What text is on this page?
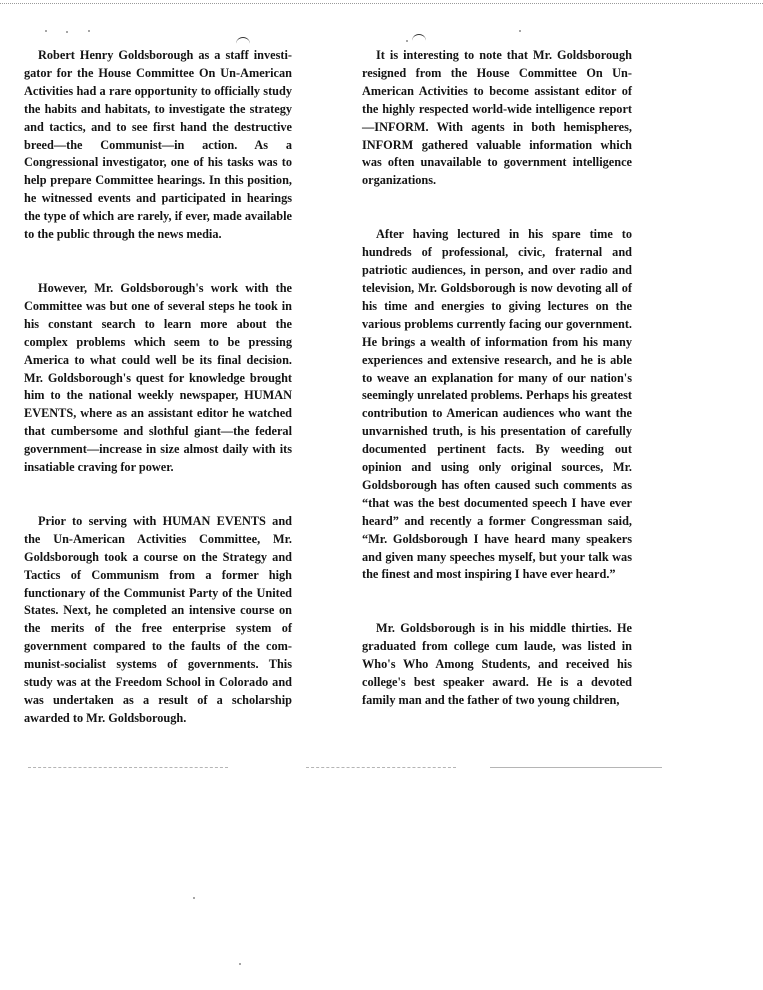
Robert Henry Goldsborough as a staff investigator for the House Committee On Un-American Activities had a rare opportunity to officially study the habits and habitats, to investigate the strategy and tactics, and to see first hand the destructive breed—the Communist—in action. As a Congressional investigator, one of his tasks was to help prepare Committee hearings. In this position, he witnessed events and participated in hearings the type of which are rarely, if ever, made available to the public through the news media.

However, Mr. Goldsborough's work with the Committee was but one of several steps he took in his constant search to learn more about the complex problems which seem to be pressing America to what could well be its final decision. Mr. Goldsborough's quest for knowledge brought him to the national weekly newspaper, HUMAN EVENTS, where as an assistant editor he watched that cumbersome and slothful giant—the federal government—increase in size almost daily with its insatiable craving for power.

Prior to serving with HUMAN EVENTS and the Un-American Activities Committee, Mr. Goldsborough took a course on the Strategy and Tactics of Communism from a former high functionary of the Communist Party of the United States. Next, he completed an intensive course on the merits of the free enterprise system of government compared to the faults of the communist-socialist systems of governments. This study was at the Freedom School in Colorado and was undertaken as a result of a scholarship awarded to Mr. Goldsborough.

It is interesting to note that Mr. Goldsborough resigned from the House Committee On Un-American Activities to become assistant editor of the highly respected world-wide intelligence report —INFORM. With agents in both hemispheres, INFORM gathered valuable information which was often unavailable to government intelligence organizations.

After having lectured in his spare time to hundreds of professional, civic, fraternal and patriotic audiences, in person, and over radio and television, Mr. Goldsborough is now devoting all of his time and energies to giving lectures on the various problems currently facing our government. He brings a wealth of information from his many experiences and extensive research, and he is able to weave an explanation for many of our nation's seemingly unrelated problems. Perhaps his greatest contribution to American audiences who want the unvarnished truth, is his presentation of carefully documented pertinent facts. By weeding out opinion and using only original sources, Mr. Goldsborough has often caused such comments as “that was the best documented speech I have ever heard” and recently a former Congressman said, “Mr. Goldsborough I have heard many speakers and given many speeches myself, but your talk was the finest and most inspiring I have ever heard.”

Mr. Goldsborough is in his middle thirties. He graduated from college cum laude, was listed in Who's Who Among Students, and received his college's best speaker award. He is a devoted family man and the father of two young children,
